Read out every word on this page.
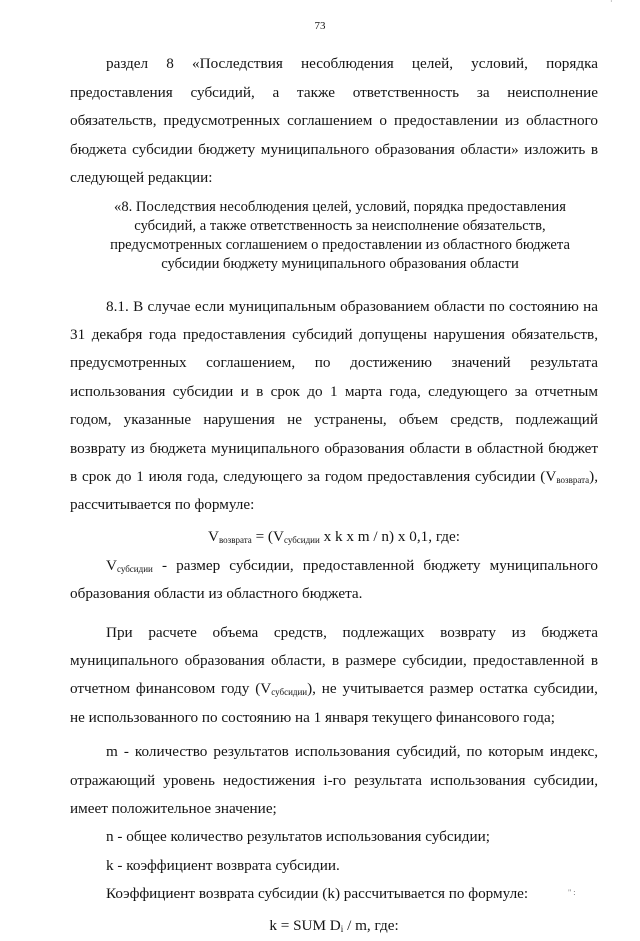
·
73

раздел 8 «Последствия несоблюдения целей, условий, порядка предоставления субсидий, а также ответственность за неисполнение обязательств, предусмотренных соглашением о предоставлении из областного бюджета субсидии бюджету муниципального образования области» изложить в следующей редакции:

«8. Последствия несоблюдения целей, условий, порядка предоставления субсидий, а также ответственность за неисполнение обязательств, предусмотренных соглашением о предоставлении из областного бюджета субсидии бюджету муниципального образования области

8.1. В случае если муниципальным образованием области по состоянию на 31 декабря года предоставления субсидий допущены нарушения обязательств, предусмотренных соглашением, по достижению значений результата использования субсидии и в срок до 1 марта года, следующего за отчетным годом, указанные нарушения не устранены, объем средств, подлежащий возврату из бюджета муниципального образования области в областной бюджет в срок до 1 июля года, следующего за годом предоставления субсидии $(V_{возврата})$, рассчитывается по формуле:

$V_{возврата} = (V_{субсидии}$ x k x m / n) x 0,1, где:

$V_{субсидии}$ - размер субсидии, предоставленной бюджету муниципального образования области из областного бюджета.

При расчете объема средств, подлежащих возврату из бюджета муниципального образования области, в размере субсидии, предоставленной в отчетном финансовом году $(V_{субсидии})$, не учитывается размер остатка субсидии, не использованного по состоянию на 1 января текущего финансового года;

m - количество результатов использования субсидий, по которым индекс, отражающий уровень недостижения i-го результата использования субсидии, имеет положительное значение;

n - общее количество результатов использования субсидии;

k - коэффициент возврата субсидии.

Коэффициент возврата субсидии (k) рассчитывается по формуле:

k = SUM $D_i$ / m, где:

" :
